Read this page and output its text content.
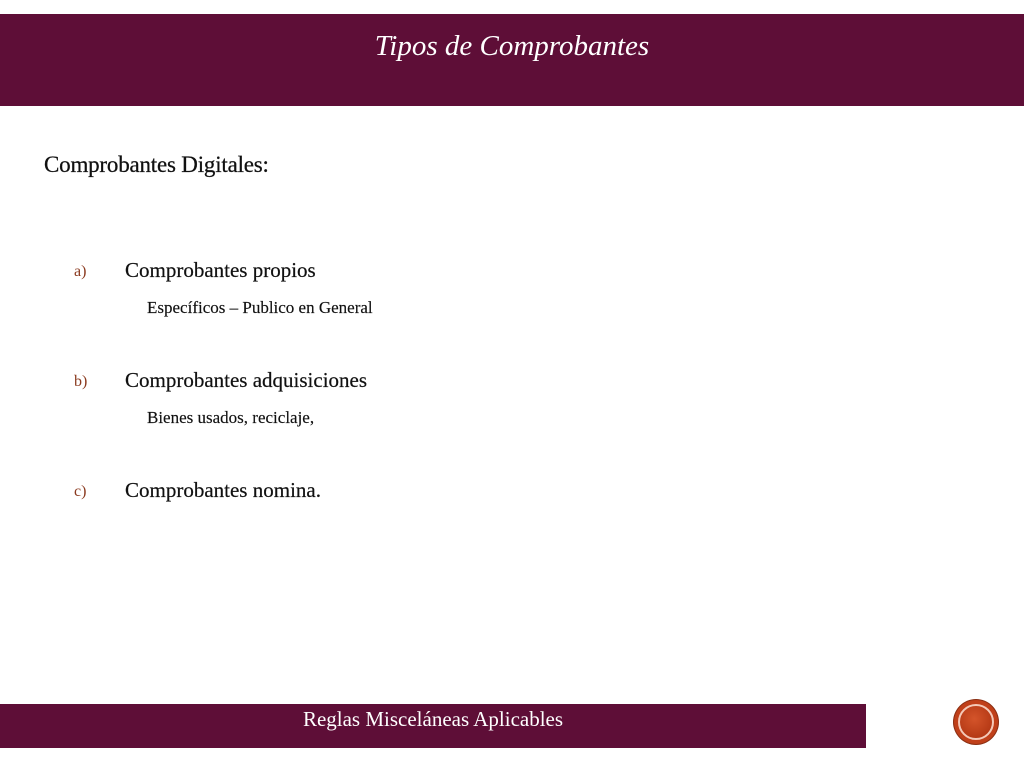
Tipos de Comprobantes
Comprobantes Digitales:
a) Comprobantes propios
Específicos – Publico en General
b) Comprobantes adquisiciones
Bienes usados, reciclaje,
c) Comprobantes nomina.
Reglas Misceláneas Aplicables
